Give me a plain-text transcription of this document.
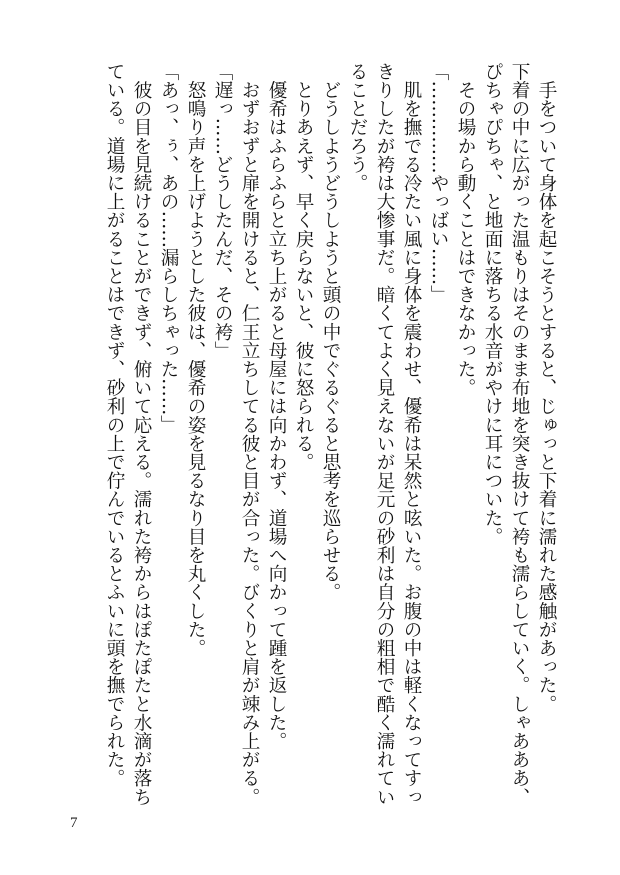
　手をついて身体を起こそうとすると、じゅっと下着に濡れた感触があった。
下着の中に広がった温もりはそのまま布地を突き抜けて袴も濡らしていく。しゃあああ、
ぴちゃぴちゃ、と地面に落ちる水音がやけに耳についた。
　その場から動くことはできなかった。
「……………やっばい……」
　肌を撫でる冷たい風に身体を震わせ、優希は呆然と呟いた。お腹の中は軽くなってすっ
きりしたが袴は大惨事だ。暗くてよく見えないが足元の砂利は自分の粗相で酷く濡れてい
ることだろう。
　どうしようどうしようと頭の中でぐるぐると思考を巡らせる。
　とりあえず、早く戻らないと、彼に怒られる。
　優希はふらふらと立ち上がると母屋には向かわず、道場へ向かって踵を返した。
　おずおずと扉を開けると、仁王立ちしてる彼と目が合った。びくりと肩が竦み上がる。
「遅っ……どうしたんだ、その袴」
　怒鳴り声を上げようとした彼は、優希の姿を見るなり目を丸くした。
「あっ、ぅ、あの……漏らしちゃった……」
　彼の目を見続けることができず、俯いて応える。濡れた袴からはぽたぽたと水滴が落ち
ている。道場に上がることはできず、砂利の上で佇んでいるとふいに頭を撫でられた。
7
